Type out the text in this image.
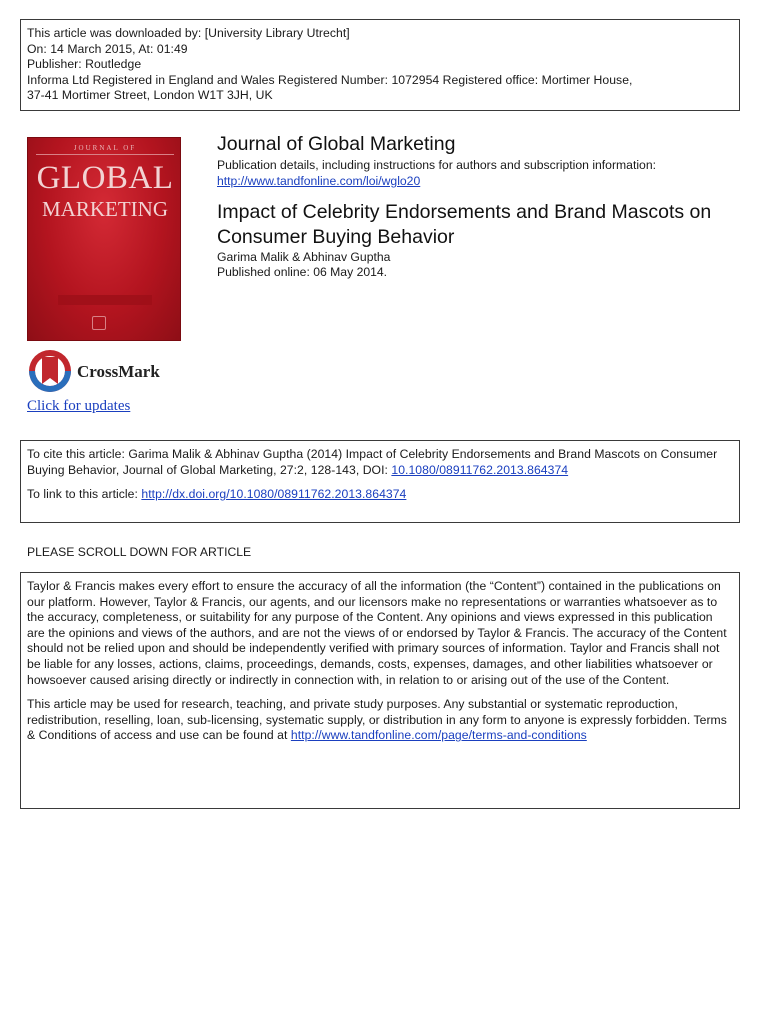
This article was downloaded by: [University Library Utrecht]
On: 14 March 2015, At: 01:49
Publisher: Routledge
Informa Ltd Registered in England and Wales Registered Number: 1072954 Registered office: Mortimer House,
37-41 Mortimer Street, London W1T 3JH, UK
JOURNAL OF
GLOBAL
MARKETING
Journal of Global Marketing
Publication details, including instructions for authors and subscription information:
http://www.tandfonline.com/loi/wglo20
Impact of Celebrity Endorsements and Brand Mascots on Consumer Buying Behavior
Garima Malik & Abhinav Guptha
Published online: 06 May 2014.
CrossMark
Click for updates
To cite this article: Garima Malik & Abhinav Guptha (2014) Impact of Celebrity Endorsements and Brand Mascots on Consumer Buying Behavior, Journal of Global Marketing, 27:2, 128-143, DOI: 10.1080/08911762.2013.864374
To link to this article: http://dx.doi.org/10.1080/08911762.2013.864374
PLEASE SCROLL DOWN FOR ARTICLE

Taylor & Francis makes every effort to ensure the accuracy of all the information (the “Content”) contained in the publications on our platform. However, Taylor & Francis, our agents, and our licensors make no representations or warranties whatsoever as to the accuracy, completeness, or suitability for any purpose of the Content. Any opinions and views expressed in this publication are the opinions and views of the authors, and are not the views of or endorsed by Taylor & Francis. The accuracy of the Content should not be relied upon and should be independently verified with primary sources of information. Taylor and Francis shall not be liable for any losses, actions, claims, proceedings, demands, costs, expenses, damages, and other liabilities whatsoever or howsoever caused arising directly or indirectly in connection with, in relation to or arising out of the use of the Content.

This article may be used for research, teaching, and private study purposes. Any substantial or systematic reproduction, redistribution, reselling, loan, sub-licensing, systematic supply, or distribution in any form to anyone is expressly forbidden. Terms & Conditions of access and use can be found at http://www.tandfonline.com/page/terms-and-conditions
